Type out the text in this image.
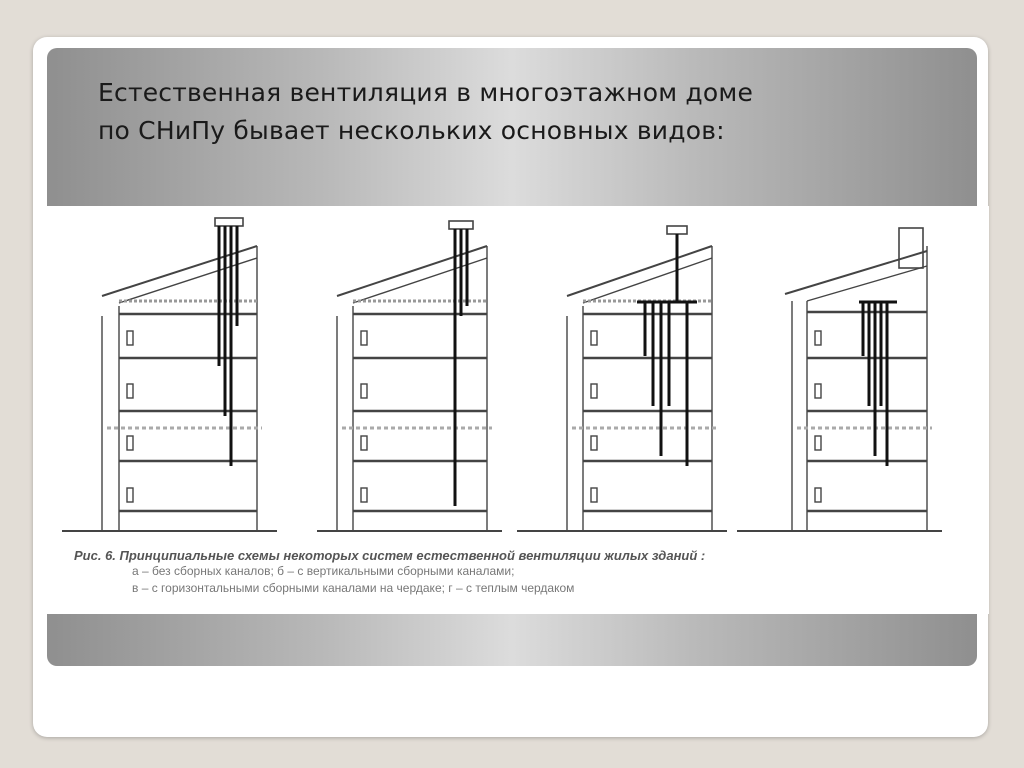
Естественная вентиляция в многоэтажном доме
по СНиПу бывает нескольких основных видов:
Рис. 6. Принципиальные схемы некоторых систем естественной вентиляции жилых зданий :
а – без сборных каналов; б – с вертикальными сборными каналами;
в – с горизонтальными сборными каналами на чердаке; г – с теплым чердаком
